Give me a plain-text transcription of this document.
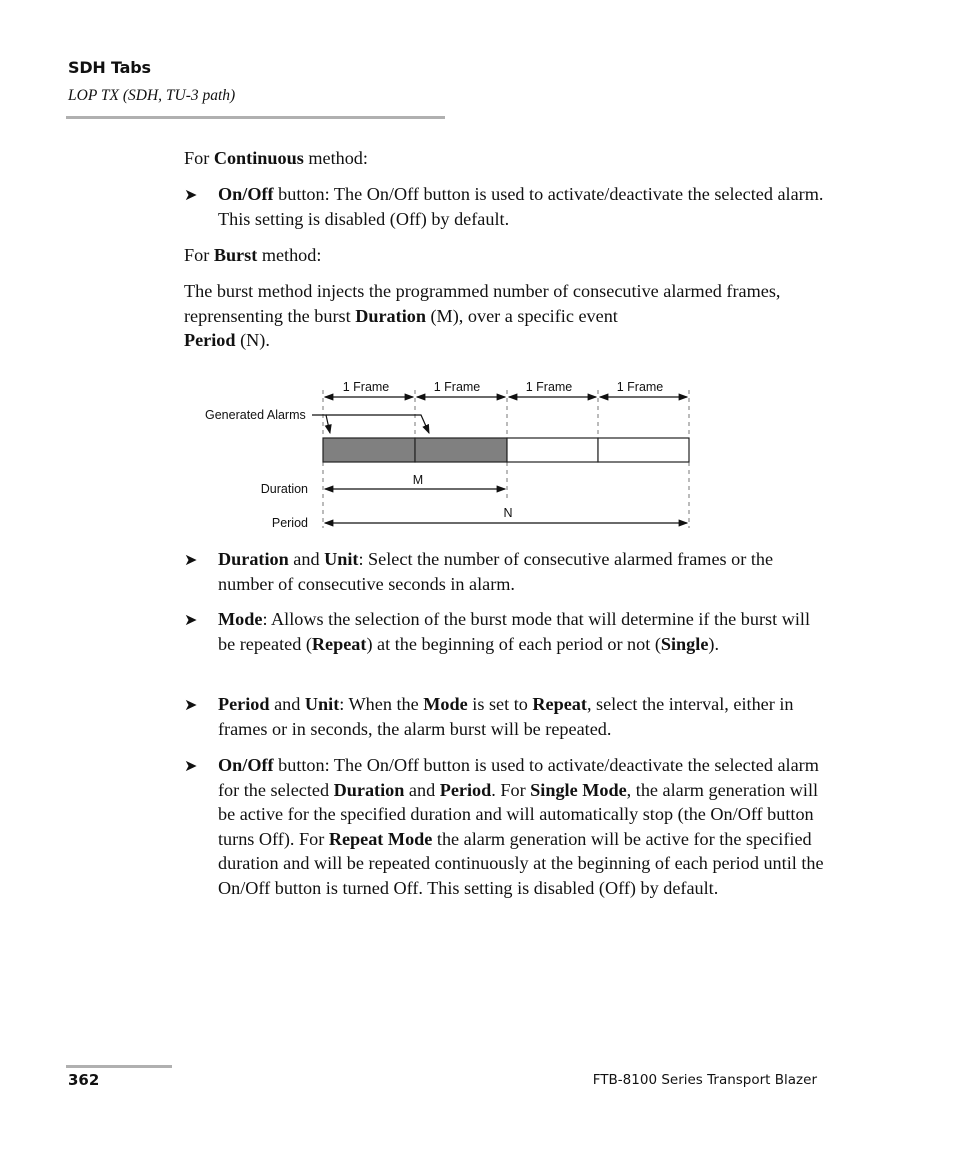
SDH Tabs
LOP TX (SDH, TU-3 path)
For Continuous method:
➤ On/Off button: The On/Off button is used to activate/deactivate the selected alarm. This setting is disabled (Off) by default.
For Burst method:
The burst method injects the programmed number of consecutive alarmed frames, reprensenting the burst Duration (M), over a specific event
Period (N).
1 Frame	1 Frame	1 Frame	1 Frame
Generated Alarms
M
Duration
N
Period
➤ Duration and Unit: Select the number of consecutive alarmed frames or the number of consecutive seconds in alarm.
➤ Mode: Allows the selection of the burst mode that will determine if the burst will be repeated (Repeat) at the beginning of each period or not (Single).
➤ Period and Unit: When the Mode is set to Repeat, select the interval, either in frames or in seconds, the alarm burst will be repeated.
➤ On/Off button: The On/Off button is used to activate/deactivate the selected alarm for the selected Duration and Period. For Single Mode, the alarm generation will be active for the specified duration and will automatically stop (the On/Off button turns Off). For Repeat Mode the alarm generation will be active for the specified duration and will be repeated continuously at the beginning of each period until the On/Off button is turned Off. This setting is disabled (Off) by default.
362	FTB-8100 Series Transport Blazer
